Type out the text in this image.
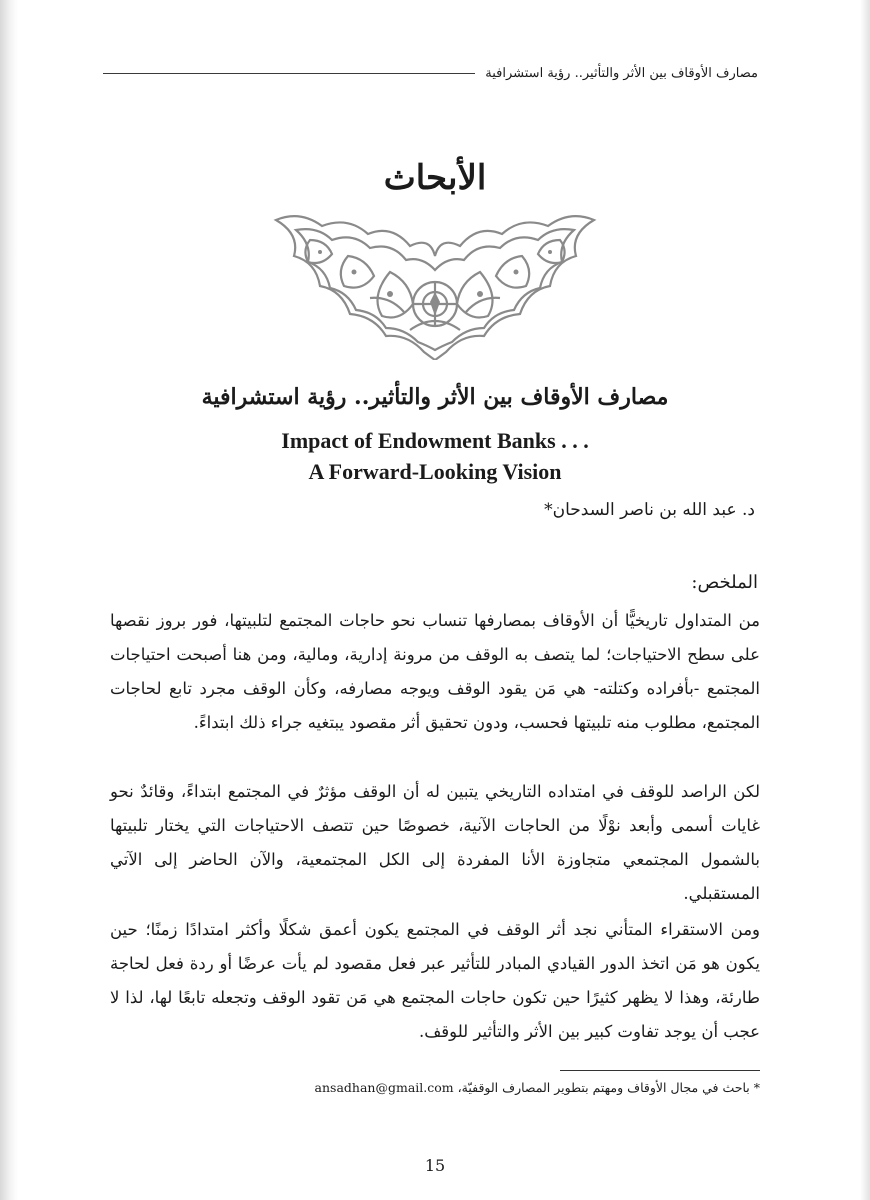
مصارف الأوقاف بين الأثر والتأثير.. رؤية استشرافية
الأبحاث
مصارف الأوقاف بين الأثر والتأثير.. رؤية استشرافية
Impact of Endowment Banks . . .
A Forward-Looking Vision
د. عبد الله بن ناصر السدحان*
الملخص:
من المتداول تاريخيًّا أن الأوقاف بمصارفها تنساب نحو حاجات المجتمع لتلبيتها، فور بروز نقصها على سطح الاحتياجات؛ لما يتصف به الوقف من مرونة إدارية، ومالية، ومن هنا أصبحت احتياجات المجتمع -بأفراده وكتلته- هي مَن يقود الوقف ويوجه مصارفه، وكأن الوقف مجرد تابع لحاجات المجتمع، مطلوب منه تلبيتها فحسب، ودون تحقيق أثر مقصود يبتغيه جراء ذلك ابتداءً.
لكن الراصد للوقف في امتداده التاريخي يتبين له أن الوقف مؤثرٌ في المجتمع ابتداءً، وقائدٌ نحو غايات أسمى وأبعد نوْلًا من الحاجات الآنية، خصوصًا حين تتصف الاحتياجات التي يختار تلبيتها بالشمول المجتمعي متجاوزة الأنا المفردة إلى الكل المجتمعية، والآن الحاضر إلى الآتي المستقبلي.
ومن الاستقراء المتأني نجد أثر الوقف في المجتمع يكون أعمق شكلًا وأكثر امتدادًا زمنًا؛ حين يكون هو مَن اتخذ الدور القيادي المبادر للتأثير عبر فعل مقصود لم يأت عرضًا أو ردة فعل لحاجة طارئة، وهذا لا يظهر كثيرًا حين تكون حاجات المجتمع هي مَن تقود الوقف وتجعله تابعًا لها، لذا لا عجب أن يوجد تفاوت كبير بين الأثر والتأثير للوقف.
* باحث في مجال الأوقاف ومهتم بتطوير المصارف الوقفيّة، ansadhan@gmail.com
15
